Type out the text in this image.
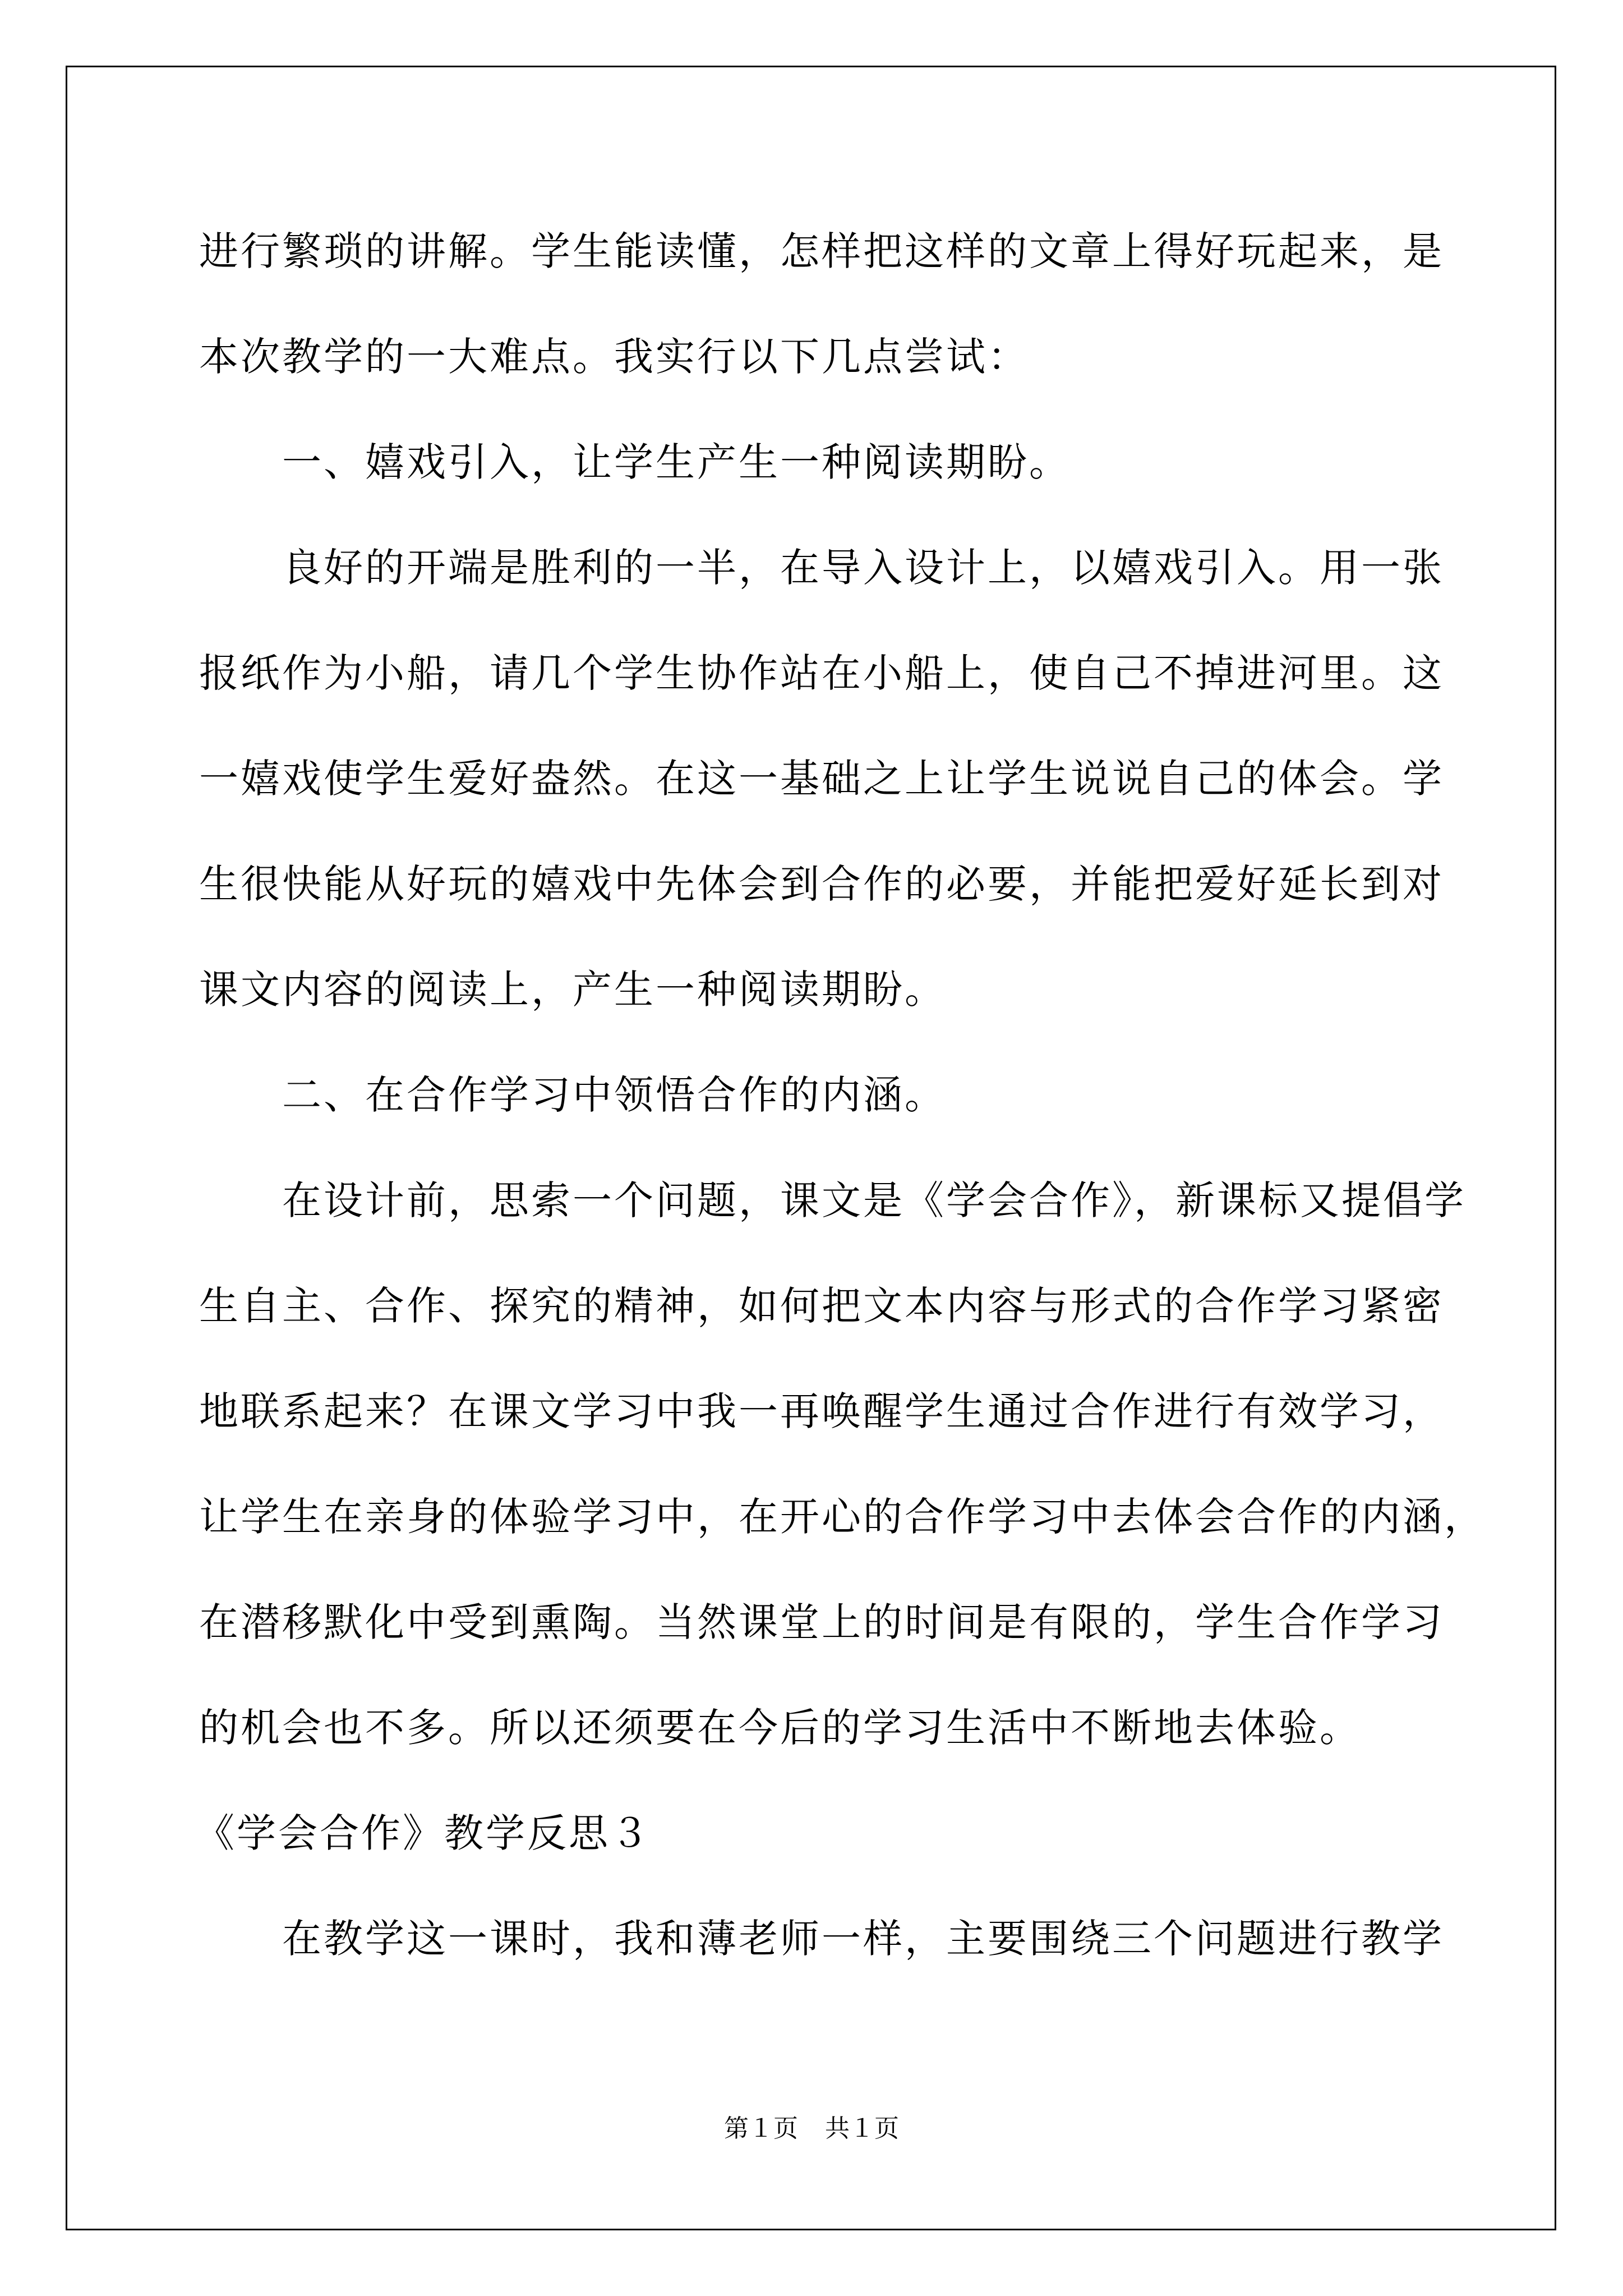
进行繁琐的讲解。学生能读懂，怎样把这样的文章上得好玩起来，是
本次教学的一大难点。我实行以下几点尝试：
一、嬉戏引入，让学生产生一种阅读期盼。
良好的开端是胜利的一半，在导入设计上，以嬉戏引入。用一张
报纸作为小船，请几个学生协作站在小船上，使自己不掉进河里。这
一嬉戏使学生爱好盎然。在这一基础之上让学生说说自己的体会。学
生很快能从好玩的嬉戏中先体会到合作的必要，并能把爱好延长到对
课文内容的阅读上，产生一种阅读期盼。
二、在合作学习中领悟合作的内涵。
在设计前，思索一个问题，课文是《学会合作》，新课标又提倡学
生自主、合作、探究的精神，如何把文本内容与形式的合作学习紧密
地联系起来？在课文学习中我一再唤醒学生通过合作进行有效学习，
让学生在亲身的体验学习中，在开心的合作学习中去体会合作的内涵，
在潜移默化中受到熏陶。当然课堂上的时间是有限的，学生合作学习
的机会也不多。所以还须要在今后的学习生活中不断地去体验。
《学会合作》教学反思３
在教学这一课时，我和薄老师一样，主要围绕三个问题进行教学
第１页 共１页
